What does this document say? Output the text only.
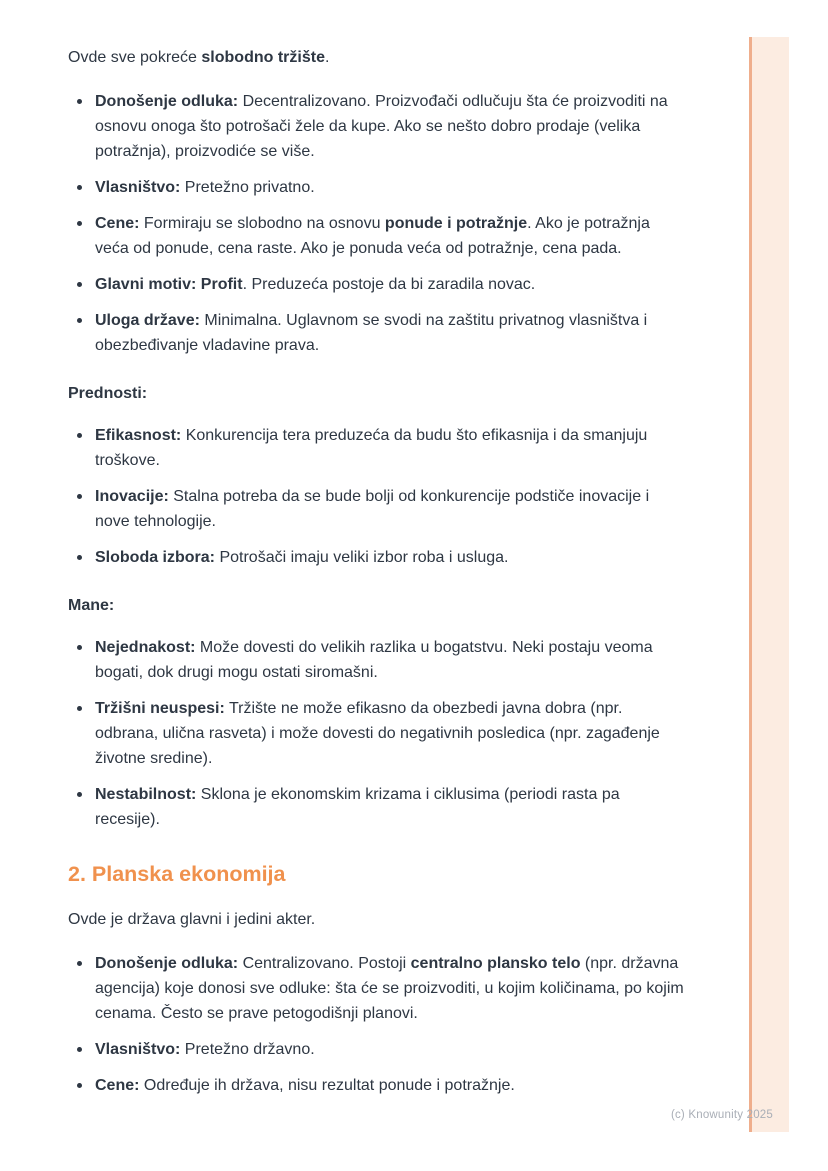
Ovde sve pokreće slobodno tržište.

Donošenje odluka: Decentralizovano. Proizvođači odlučuju šta će proizvoditi na osnovu onoga što potrošači žele da kupe. Ako se nešto dobro prodaje (velika potražnja), proizvodiće se više.
Vlasništvo: Pretežno privatno.
Cene: Formiraju se slobodno na osnovu ponude i potražnje. Ako je potražnja veća od ponude, cena raste. Ako je ponuda veća od potražnje, cena pada.
Glavni motiv: Profit. Preduzeća postoje da bi zaradila novac.
Uloga države: Minimalna. Uglavnom se svodi na zaštitu privatnog vlasništva i obezbeđivanje vladavine prava.
Prednosti:
Efikasnost: Konkurencija tera preduzeća da budu što efikasnija i da smanjuju troškove.
Inovacije: Stalna potreba da se bude bolji od konkurencije podstiče inovacije i nove tehnologije.
Sloboda izbora: Potrošači imaju veliki izbor roba i usluga.
Mane:
Nejednakost: Može dovesti do velikih razlika u bogatstvu. Neki postaju veoma bogati, dok drugi mogu ostati siromašni.
Tržišni neuspesi: Tržište ne može efikasno da obezbedi javna dobra (npr. odbrana, ulična rasveta) i može dovesti do negativnih posledica (npr. zagađenje životne sredine).
Nestabilnost: Sklona je ekonomskim krizama i ciklusima (periodi rasta pa recesije).
2. Planska ekonomija

Ovde je država glavni i jedini akter.

Donošenje odluka: Centralizovano. Postoji centralno plansko telo (npr. državna agencija) koje donosi sve odluke: šta će se proizvoditi, u kojim količinama, po kojim cenama. Često se prave petogodišnji planovi.
Vlasništvo: Pretežno državno.
Cene: Određuje ih država, nisu rezultat ponude i potražnje.
(c) Knowunity 2025
